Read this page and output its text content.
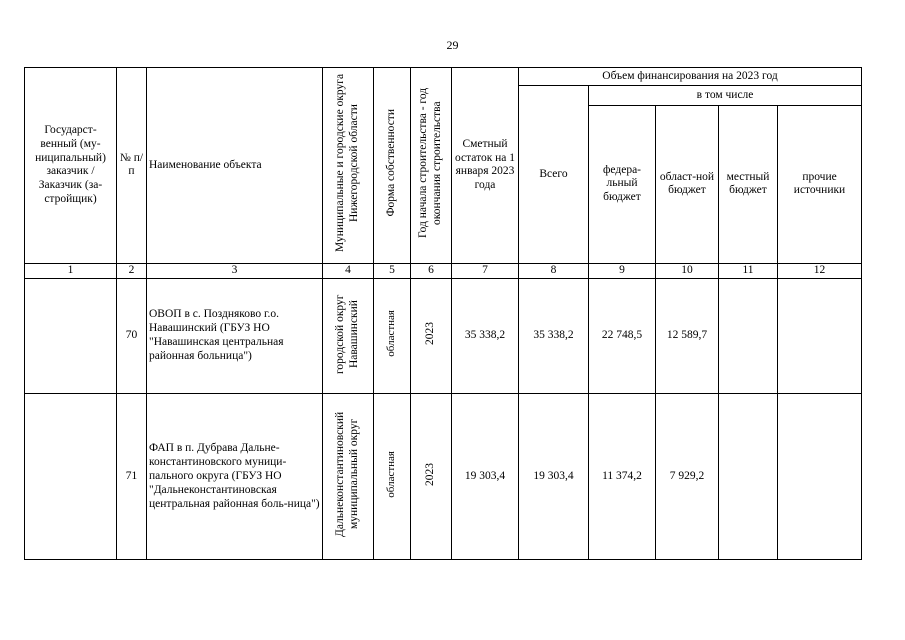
29
Государст-венный (му-ниципальный) заказчик / Заказчик (за-стройщик)	№ п/п	Наименование объекта	Муниципальные и городские округа Нижегородской области	Форма собственности	Год начала строительства - год окончания строительства	Сметный остаток на 1 января 2023 года	Объем финансирования на 2023 год				
							Всего	в том числе			
								федера-льный бюджет	област-ной бюджет	местный бюджет	прочие источники
1	2	3	4	5	6	7	8	9	10	11	12
	70	ОВОП в с. Поздняково г.о. Навашинский (ГБУЗ НО "Навашинская центральная районная больница")	городской округ Навашинский	областная	2023	35 338,2	35 338,2	22 748,5	12 589,7		
	71	ФАП в п. Дубрава Дальне-константиновского муници-пального округа (ГБУЗ НО "Дальнеконстантиновская центральная районная боль-ница")	Дальнеконстантиновский муниципальный округ	областная	2023	19 303,4	19 303,4	11 374,2	7 929,2		
